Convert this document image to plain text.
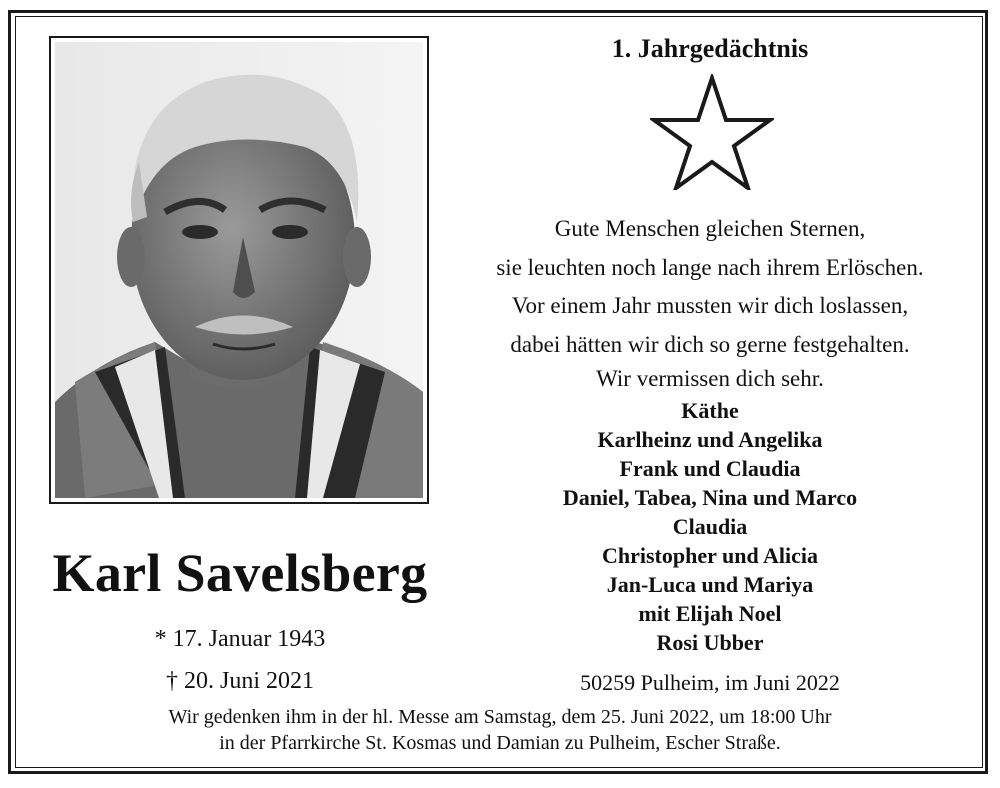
Karl Savelsberg
* 17. Januar 1943
† 20. Juni 2021
1. Jahrgedächtnis
Gute Menschen gleichen Sternen,
sie leuchten noch lange nach ihrem Erlöschen.
Vor einem Jahr mussten wir dich loslassen,
dabei hätten wir dich so gerne festgehalten.
Wir vermissen dich sehr.
Käthe
Karlheinz und Angelika
Frank und Claudia
Daniel, Tabea, Nina und Marco
Claudia
Christopher und Alicia
Jan-Luca und Mariya
mit Elijah Noel
Rosi Ubber
50259 Pulheim, im Juni 2022
Wir gedenken ihm in der hl. Messe am Samstag, dem 25. Juni 2022, um 18:00 Uhr
in der Pfarrkirche St. Kosmas und Damian zu Pulheim, Escher Straße.
